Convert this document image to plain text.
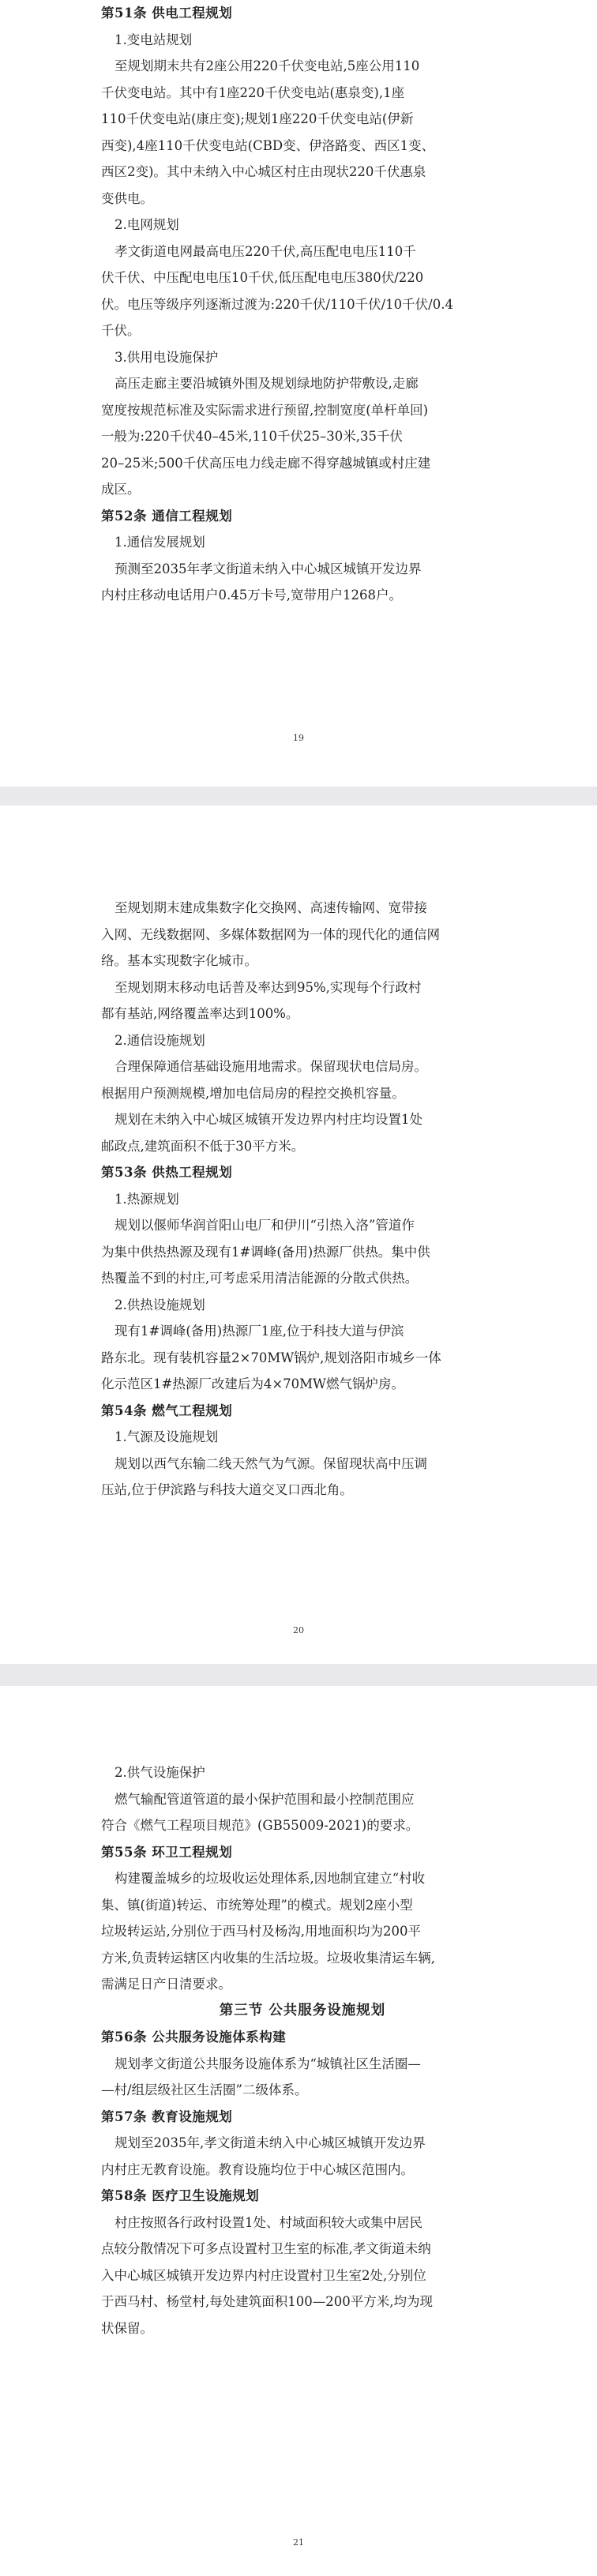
第51条 供电工程规划
1.变电站规划
至规划期末共有2座公用220千伏变电站,5座公用110
千伏变电站。其中有1座220千伏变电站(惠泉变),1座
110千伏变电站(康庄变);规划1座220千伏变电站(伊新
西变),4座110千伏变电站(CBD变、伊洛路变、西区1变、
西区2变)。其中未纳入中心城区村庄由现状220千伏惠泉
变供电。
2.电网规划
孝文街道电网最高电压220千伏,高压配电电压110千
伏千伏、中压配电电压10千伏,低压配电电压380伏/220
伏。电压等级序列逐渐过渡为:220千伏/110千伏/10千伏/0.4
千伏。
3.供用电设施保护
高压走廊主要沿城镇外围及规划绿地防护带敷设,走廊
宽度按规范标准及实际需求进行预留,控制宽度(单杆单回)
一般为:220千伏40–45米,110千伏25–30米,35千伏
20–25米;500千伏高压电力线走廊不得穿越城镇或村庄建
成区。
第52条 通信工程规划
1.通信发展规划
预测至2035年孝文街道未纳入中心城区城镇开发边界
内村庄移动电话用户0.45万卡号,宽带用户1268户。
19
至规划期末建成集数字化交换网、高速传输网、宽带接
入网、无线数据网、多媒体数据网为一体的现代化的通信网
络。基本实现数字化城市。
至规划期末移动电话普及率达到95%,实现每个行政村
都有基站,网络覆盖率达到100%。
2.通信设施规划
合理保障通信基础设施用地需求。保留现状电信局房。
根据用户预测规模,增加电信局房的程控交换机容量。
规划在未纳入中心城区城镇开发边界内村庄均设置1处
邮政点,建筑面积不低于30平方米。
第53条 供热工程规划
1.热源规划
规划以偃师华润首阳山电厂和伊川“引热入洛”管道作
为集中供热热源及现有1#调峰(备用)热源厂供热。集中供
热覆盖不到的村庄,可考虑采用清洁能源的分散式供热。
2.供热设施规划
现有1#调峰(备用)热源厂1座,位于科技大道与伊滨
路东北。现有装机容量2×70MW锅炉,规划洛阳市城乡一体
化示范区1#热源厂改建后为4×70MW燃气锅炉房。
第54条 燃气工程规划
1.气源及设施规划
规划以西气东输二线天然气为气源。保留现状高中压调
压站,位于伊滨路与科技大道交叉口西北角。
20
2.供气设施保护
燃气输配管道管道的最小保护范围和最小控制范围应
符合《燃气工程项目规范》(GB55009-2021)的要求。
第55条 环卫工程规划
构建覆盖城乡的垃圾收运处理体系,因地制宜建立“村收
集、镇(街道)转运、市统筹处理”的模式。规划2座小型
垃圾转运站,分别位于西马村及杨沟,用地面积均为200平
方米,负责转运辖区内收集的生活垃圾。垃圾收集清运车辆,
需满足日产日清要求。
第三节 公共服务设施规划
第56条 公共服务设施体系构建
规划孝文街道公共服务设施体系为“城镇社区生活圈—
—村/组层级社区生活圈”二级体系。
第57条 教育设施规划
规划至2035年,孝文街道未纳入中心城区城镇开发边界
内村庄无教育设施。教育设施均位于中心城区范围内。
第58条 医疗卫生设施规划
村庄按照各行政村设置1处、村域面积较大或集中居民
点较分散情况下可多点设置村卫生室的标准,孝文街道未纳
入中心城区城镇开发边界内村庄设置村卫生室2处,分别位
于西马村、杨堂村,每处建筑面积100—200平方米,均为现
状保留。
21
